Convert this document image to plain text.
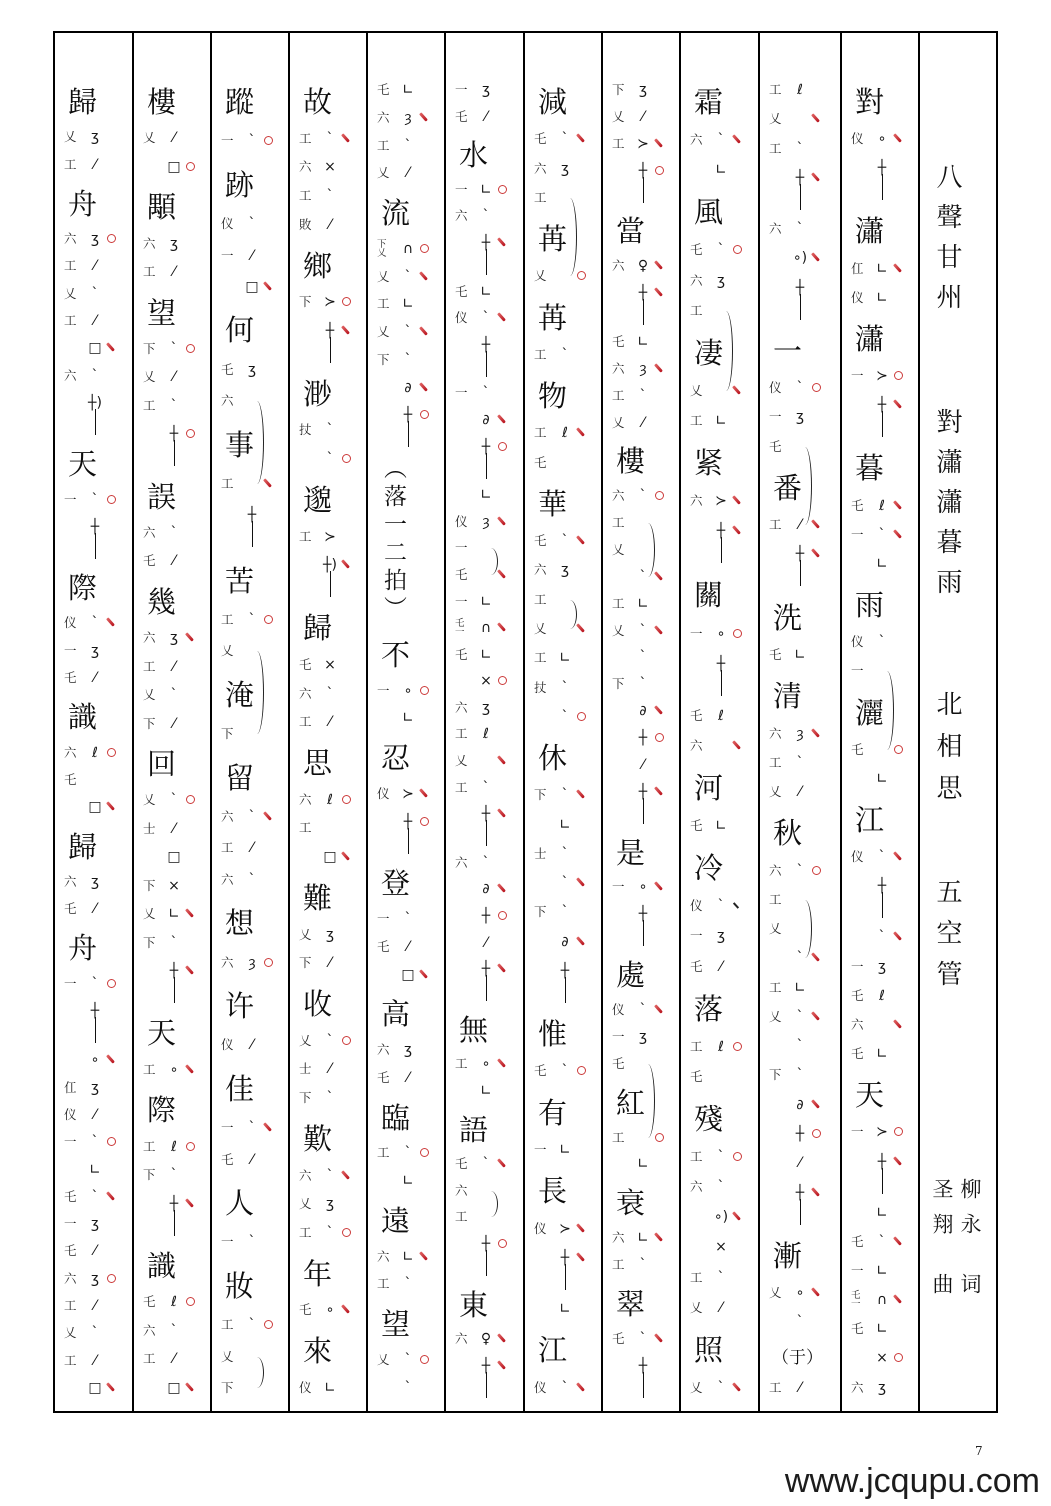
八聲甘州
對瀟瀟暮雨
北相思
五空管
柳永
圣翔
词
曲
對
仪	∘
┼
瀟
仜 ∟
仪 ∟
瀟
一 ≻
┼
暮
乇	ℓ
一	ˋ
∟
雨
仪	ˋ
一
灑
乇
∟
江
仪	ˋ
┼
ˋ
一	ʒ
乇	ℓ
六
乇 ∟
天
一 ≻
┼
∟
乇	ˋ
一 ∟
乇
一	∩
乇 ∟
×
六	ʒ
工	ℓ
乂
工	ˋ
┼
六	ˋ
∘)
┼
一
仪	ˋ
一	ʒ
乇
番
工	⁄
┼
洗
乇 ∟
清
六	ȝ
工	ˋ
乂	⁄
秋
六	ˋ
工
乂
ˋ
工 ∟
乂	ˋ
ˋ
下	ˋ
∂
┼
⁄
┼
漸
乂	∘
ˋ
（于）
工	⁄
霜
六	ˋ
∟
風
乇	ˋ
六	ʒ
工
凄
乂
工 ∟
紧
六 ≻
┼
關
一	∘
┼
乇	ℓ
六
河
乇 ∟
冷
仪	ˋ
一	ʒ
乇	⁄
落
工	ℓ
乇
殘
工	ˋ
六	ˋ
∘)
×
工	ˋ
乂	⁄
照
乂	ˋ
下	ʒ
乂	⁄
工 ≻
┼
當
六 ♀
┼
乇 ∟
六	ȝ
工	ˋ
乂	⁄
樓
六	ˋ
工
乂
ˋ
工 ∟
乂	ˋ
ˋ
下	ˋ
∂
┼
⁄
┼
是
一	∘
┼
處
仪	ˋ
一	ʒ
乇
紅
工
∟
衰
六 ∟
工	ˋ
翠
乇	ˋ
┼
減
乇	ˋ
六	ʒ
工
苒
乂
苒
工	ˋ
物
工	ℓ
乇
華
乇	ˋ
六	ʒ
工
乂
工 ∟
扙	ˋ
ˋ
休
下	ˋ
∟
士	ˋ
ˋ
下	ˋ
∂
┼
惟
乇	ˋ
有
一 ∟
長
仪 ≻
┼
∟
江
仪	ˋ
一	ʒ
乇	⁄
水
一 ∟
六	ˋ
┼
乇 ∟
仪	ˋ
┼
一	ˋ
∂
┼
∟
仪	ȝ
一
乇
一 ∟
乇
一	∩
乇 ∟
×
六	ʒ
工	ℓ
乂
工	ˋ
┼
六	ˋ
∂
┼
⁄
┼
無
工	∘
∟
語
乇	ˋ
六
工
┼
東
六 ♀
┼
乇 ∟
六	ȝ
工	ˋ
乂	⁄
流
下
乂	∩
乂	ˋ
工 ∟
乂	ˋ
下	ˋ
∂
┼
（落一二拍）
不
一	∘
∟
忍
仪 ≻
┼
登
一	ˋ
乇	⁄
□
高
六	ʒ
乇	⁄
臨
工	ˋ
∟
遠
六 ∟
工	ˋ
望
乂	ˋ
ˋ
故
工	ˋ
六 ×
工	ˋ
敗	⁄
鄉
下 ≻
┼
渺
扙	ˋ
ˋ
邈
工 ≻
┼)
歸
乇 ×
六	ˋ
工	⁄
思
六	ℓ
工
□
難
乂	ʒ
下	⁄
收
乂	ˋ
士	⁄
下	ˋ
歎
六	ˋ
乂	ʒ
工	ˋ
年
乇	∘
來
仪 ∟
蹤
一	ˋ
跡
仪	ˋ
一	⁄
□
何
乇	ʒ
六
事
工
┼
苦
工	ˋ
乂
淹
下
留
六	ˋ
工	⁄
六	ˋ
想
六	ȝ
许
仪	⁄
佳
一	ˋ
乇	⁄
人
一	ˋ
妝
工	ˋ
乂
下
樓
乂	⁄
□
顒
六	ʒ
工	⁄
望
下	ˋ
乂	⁄
工	ˋ
┼
誤
六	ˋ
乇	⁄
幾
六	ʒ
工	⁄
乂	ˋ
下	⁄
回
乂	ˋ
士	⁄
□
下 ×
乂 ∟
下	ˋ
┼
天
工	∘
際
工	ℓ
下	ˋ
┼
識
乇	ℓ
六	ˋ
工	⁄
□
歸
乂	ʒ
工	⁄
舟
六	ʒ
工	⁄
乂	ˋ
工	⁄
□
六	ˋ
┼)
天
一	ˋ
┼
際
仪	ˋ
一	ʒ
乇	⁄
識
六	ℓ
乇
□
歸
六	ʒ
乇	⁄
舟
一	ˋ
┼
∘
仜	ʒ
仪	⁄
一	ˋ
∟
乇	ˋ
一	ʒ
乇	⁄
六	ʒ
工	⁄
乂	ˋ
工	⁄
□
7
www.jcqupu.com
